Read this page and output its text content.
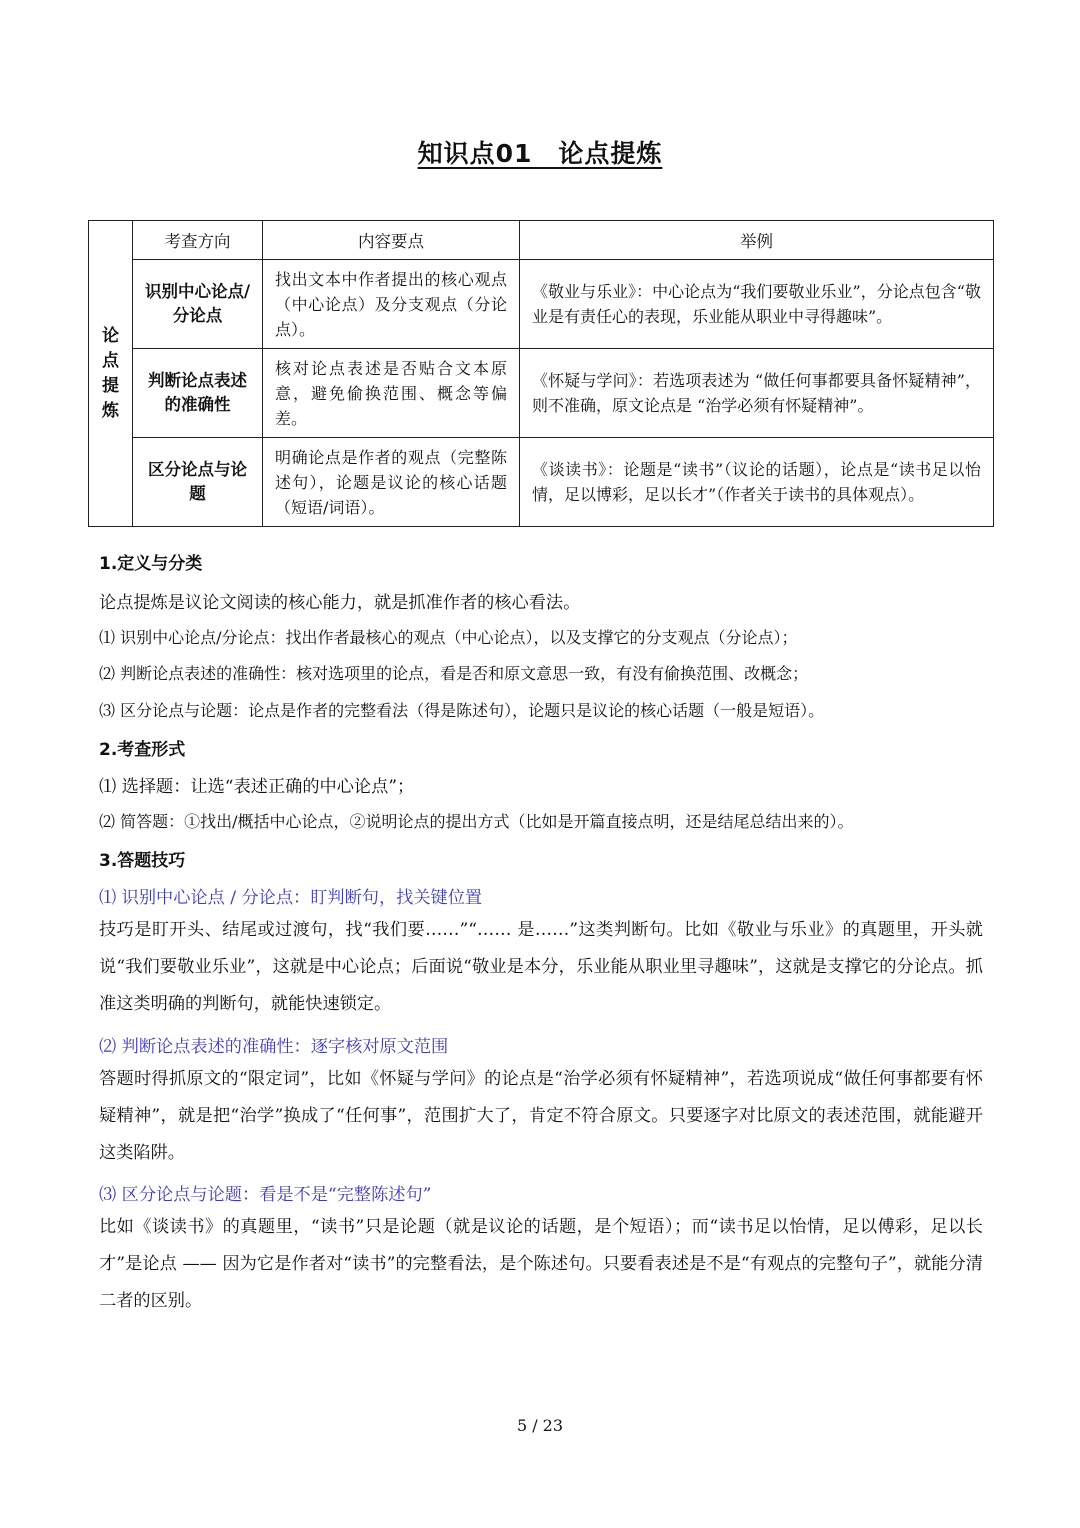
知识点01　论点提炼
论点提炼	考查方向	内容要点	举例
	识别中心论点/分论点	找出文本中作者提出的核心观点（中心论点）及分支观点（分论点）。	《敬业与乐业》：中心论点为“我们要敬业乐业”，分论点包含“敬业是有责任心的表现，乐业能从职业中寻得趣味”。
	判断论点表述的准确性	核对论点表述是否贴合文本原意，避免偷换范围、概念等偏差。	《怀疑与学问》：若选项表述为 “做任何事都要具备怀疑精神”，则不准确，原文论点是 “治学必须有怀疑精神”。
	区分论点与论题	明确论点是作者的观点（完整陈述句），论题是议论的核心话题（短语/词语）。	《谈读书》：论题是“读书”（议论的话题），论点是“读书足以怡情，足以博彩，足以长才”（作者关于读书的具体观点）。
1.定义与分类
论点提炼是议论文阅读的核心能力，就是抓准作者的核心看法。
⑴ 识别中心论点/分论点：找出作者最核心的观点（中心论点），以及支撑它的分支观点（分论点）；
⑵ 判断论点表述的准确性：核对选项里的论点，看是否和原文意思一致，有没有偷换范围、改概念；
⑶ 区分论点与论题：论点是作者的完整看法（得是陈述句），论题只是议论的核心话题（一般是短语）。
2.考查形式
⑴ 选择题：让选“表述正确的中心论点”；
⑵ 简答题：①找出/概括中心论点，②说明论点的提出方式（比如是开篇直接点明，还是结尾总结出来的）。
3.答题技巧
⑴ 识别中心论点 / 分论点：盯判断句，找关键位置
技巧是盯开头、结尾或过渡句，找“我们要……”“…… 是……”这类判断句。比如《敬业与乐业》的真题里，开头就说“我们要敬业乐业”，这就是中心论点；后面说“敬业是本分，乐业能从职业里寻趣味”，这就是支撑它的分论点。抓准这类明确的判断句，就能快速锁定。
⑵ 判断论点表述的准确性：逐字核对原文范围
答题时得抓原文的“限定词”，比如《怀疑与学问》的论点是“治学必须有怀疑精神”，若选项说成“做任何事都要有怀疑精神”，就是把“治学”换成了“任何事”，范围扩大了，肯定不符合原文。只要逐字对比原文的表述范围，就能避开这类陷阱。
⑶ 区分论点与论题：看是不是“完整陈述句”
比如《谈读书》的真题里，“读书”只是论题（就是议论的话题，是个短语）；而“读书足以怡情，足以傅彩，足以长才”是论点 —— 因为它是作者对“读书”的完整看法，是个陈述句。只要看表述是不是“有观点的完整句子”，就能分清二者的区别。
5 / 23
